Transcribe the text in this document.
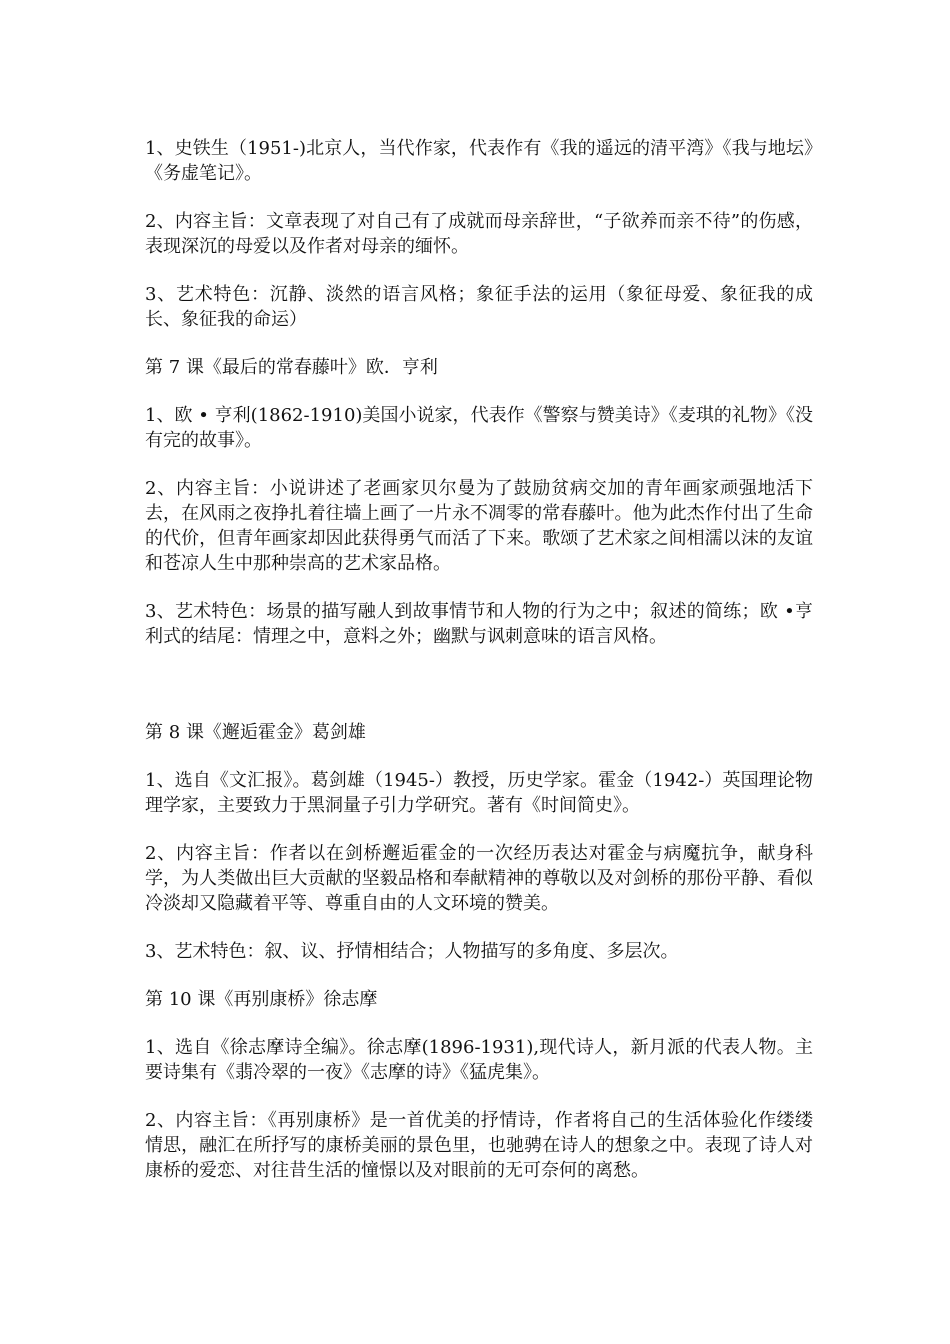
1、史铁生（1951-)北京人，当代作家，代表作有《我的遥远的清平湾》《我与地坛》《务虚笔记》。

2、内容主旨：文章表现了对自己有了成就而母亲辞世，“子欲养而亲不待”的伤感，表现深沉的母爱以及作者对母亲的缅怀。

3、艺术特色：沉静、淡然的语言风格；象征手法的运用（象征母爱、象征我的成长、象征我的命运）

第 7 课《最后的常春藤叶》欧．亨利

1、欧 • 亨利(1862-1910)美国小说家，代表作《警察与赞美诗》《麦琪的礼物》《没有完的故事》。

2、内容主旨：小说讲述了老画家贝尔曼为了鼓励贫病交加的青年画家顽强地活下去，在风雨之夜挣扎着往墙上画了一片永不凋零的常春藤叶。他为此杰作付出了生命的代价，但青年画家却因此获得勇气而活了下来。歌颂了艺术家之间相濡以沫的友谊和苍凉人生中那种崇高的艺术家品格。

3、艺术特色：场景的描写融人到故事情节和人物的行为之中；叙述的简练；欧 •亨利式的结尾：情理之中，意料之外；幽默与讽刺意味的语言风格。

第 8 课《邂逅霍金》葛剑雄

1、选自《文汇报》。葛剑雄（1945-）教授，历史学家。霍金（1942-）英国理论物理学家，主要致力于黑洞量子引力学研究。著有《时间简史》。

2、内容主旨：作者以在剑桥邂逅霍金的一次经历表达对霍金与病魔抗争，献身科学，为人类做出巨大贡献的坚毅品格和奉献精神的尊敬以及对剑桥的那份平静、看似冷淡却又隐藏着平等、尊重自由的人文环境的赞美。

3、艺术特色：叙、议、抒情相结合；人物描写的多角度、多层次。

第 10 课《再别康桥》徐志摩

1、选自《徐志摩诗全编》。徐志摩(1896-1931),现代诗人，新月派的代表人物。主要诗集有《翡冷翠的一夜》《志摩的诗》《猛虎集》。

2、内容主旨：《再别康桥》是一首优美的抒情诗，作者将自己的生活体验化作缕缕情思，融汇在所抒写的康桥美丽的景色里，也驰骋在诗人的想象之中。表现了诗人对康桥的爱恋、对往昔生活的憧憬以及对眼前的无可奈何的离愁。
